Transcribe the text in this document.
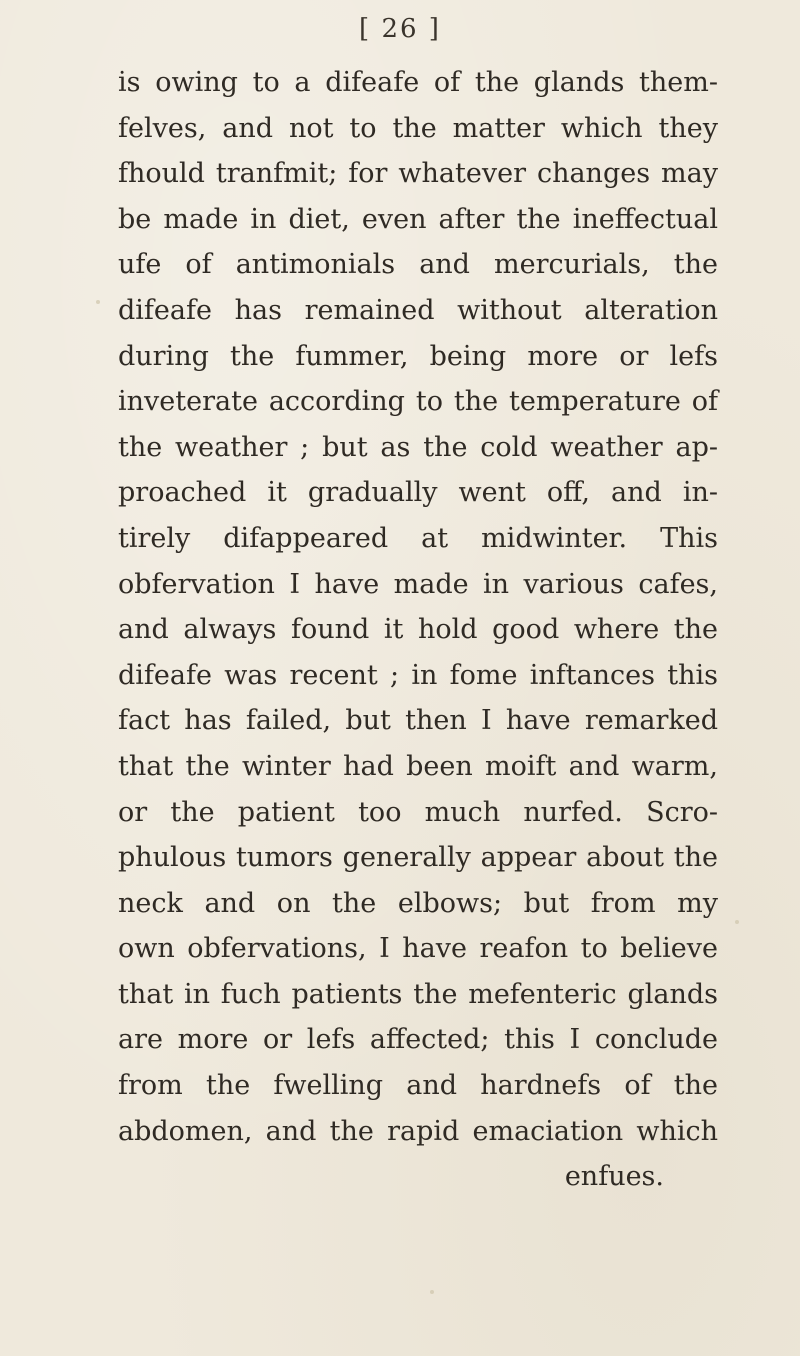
[ 26 ]
is owing to a difeafe of the glands them-
felves, and not to the matter which they
fhould tranfmit; for whatever changes may
be made in diet, even after the ineffectual
ufe of antimonials and mercurials, the
difeafe has remained without alteration
during the fummer, being more or lefs
inveterate according to the temperature of
the weather ; but as the cold weather ap-
proached it gradually went off, and in-
tirely difappeared at midwinter. This
obfervation I have made in various cafes,
and always found it hold good where the
difeafe was recent ; in fome inftances this
fact has failed, but then I have remarked
that the winter had been moift and warm,
or the patient too much nurfed. Scro-
phulous tumors generally appear about the
neck and on the elbows; but from my
own obfervations, I have reafon to believe
that in fuch patients the mefenteric glands
are more or lefs affected; this I conclude
from the fwelling and hardnefs of the
abdomen, and the rapid emaciation which
enfues.
